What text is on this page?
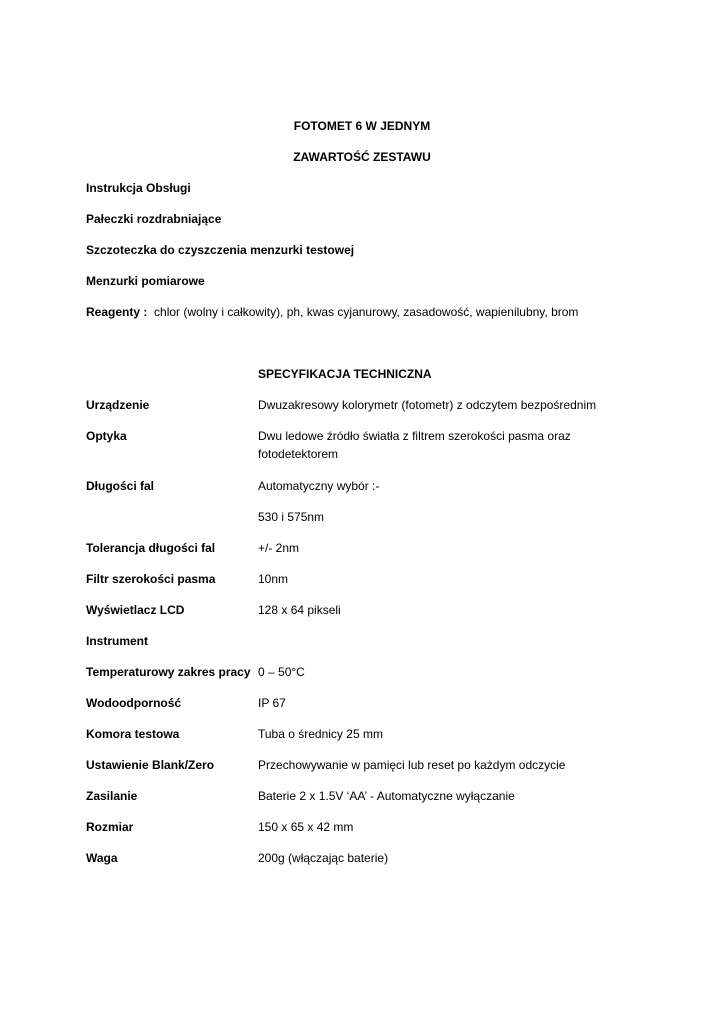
FOTOMET 6 W JEDNYM
ZAWARTOŚĆ ZESTAWU
Instrukcja Obsługi
Pałeczki rozdrabniające
Szczoteczka do czyszczenia menzurki testowej
Menzurki pomiarowe
Reagenty : chlor (wolny i całkowity), ph, kwas cyjanurowy, zasadowość, wapienilubny, brom
SPECYFIKACJA TECHNICZNA
Urządzenie	Dwuzakresowy kolorymetr (fotometr) z odczytem bezpośrednim
Optyka	Dwu ledowe źródło światła z filtrem szerokości pasma oraz
fotodetektorem
Długości fal	Automatyczny wybór :-
530 i 575nm
Tolerancja długości fal	+/- 2nm
Filtr szerokości pasma	10nm
Wyświetlacz LCD	128 x 64 pikseli
Instrument
Temperaturowy zakres pracy 0 – 50°C
Wodoodporność	IP 67
Komora testowa	Tuba o średnicy 25 mm
Ustawienie Blank/Zero	Przechowywanie w pamięci lub reset po każdym odczycie
Zasilanie	Baterie 2 x 1.5V ‘AA’ - Automatyczne wyłączanie
Rozmiar	150 x 65 x 42 mm
Waga	200g (włączając baterie)
